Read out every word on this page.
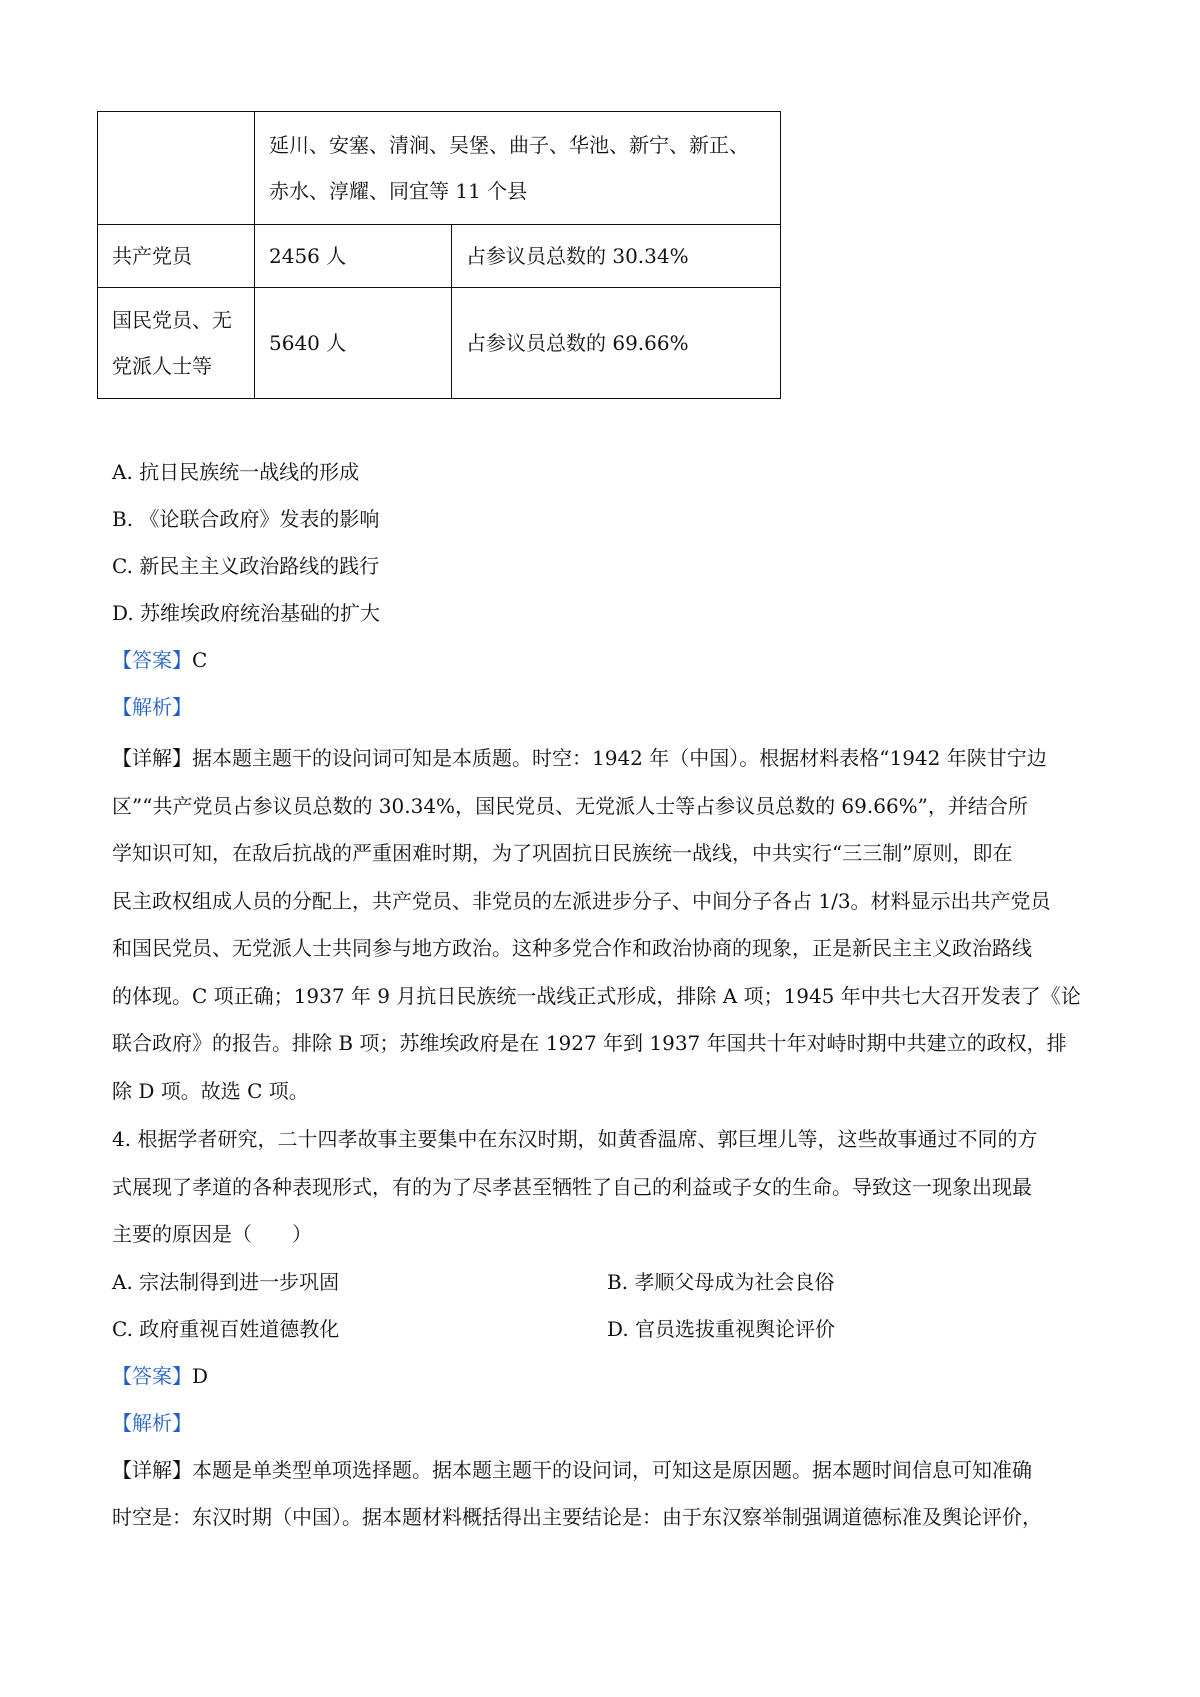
	延川、安塞、清涧、吴堡、曲子、华池、新宁、新正、
赤水、淳耀、同宜等 11 个县	

共产党员	2456 人	占参议员总数的 30.34%

国民党员、无
党派人士等	5640 人	占参议员总数的 69.66%

A. 抗日民族统一战线的形成

B. 《论联合政府》发表的影响

C. 新民主主义政治路线的践行

D. 苏维埃政府统治基础的扩大

【答案】C

【解析】

【详解】据本题主题干的设问词可知是本质题。时空：1942 年（中国）。根据材料表格“1942 年陕甘宁边

区”“共产党员占参议员总数的 30.34%，国民党员、无党派人士等占参议员总数的 69.66%”，并结合所

学知识可知，在敌后抗战的严重困难时期，为了巩固抗日民族统一战线，中共实行“三三制”原则，即在

民主政权组成人员的分配上，共产党员、非党员的左派进步分子、中间分子各占 1/3。材料显示出共产党员

和国民党员、无党派人士共同参与地方政治。这种多党合作和政治协商的现象，正是新民主主义政治路线

的体现。C 项正确；1937 年 9 月抗日民族统一战线正式形成，排除 A 项；1945 年中共七大召开发表了《论

联合政府》的报告。排除 B 项；苏维埃政府是在 1927 年到 1937 年国共十年对峙时期中共建立的政权，排

除 D 项。故选 C 项。

4. 根据学者研究，二十四孝故事主要集中在东汉时期，如黄香温席、郭巨埋儿等，这些故事通过不同的方

式展现了孝道的各种表现形式，有的为了尽孝甚至牺牲了自己的利益或子女的生命。导致这一现象出现最

主要的原因是（　　）

A. 宗法制得到进一步巩固	B. 孝顺父母成为社会良俗
C. 政府重视百姓道德教化	D. 官员选拔重视舆论评价

【答案】D

【解析】

【详解】本题是单类型单项选择题。据本题主题干的设问词，可知这是原因题。据本题时间信息可知准确

时空是：东汉时期（中国）。据本题材料概括得出主要结论是：由于东汉察举制强调道德标准及舆论评价，
